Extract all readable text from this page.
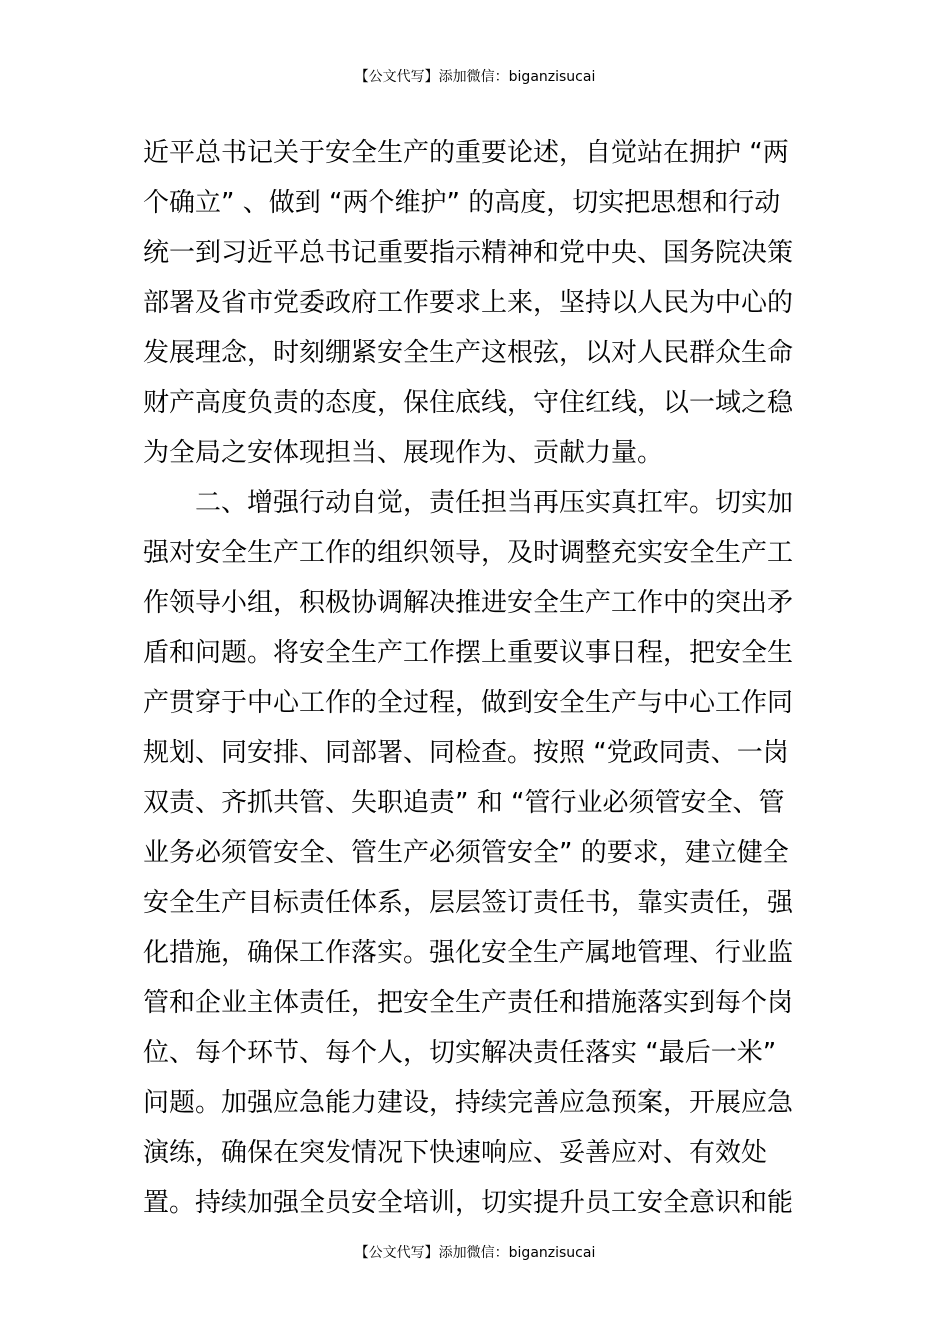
【公文代写】添加微信：biganzisucai
近平总书记关于安全生产的重要论述，自觉站在拥护 “两
个确立” 、做到 “两个维护” 的高度，切实把思想和行动
统一到习近平总书记重要指示精神和党中央、国务院决策
部署及省市党委政府工作要求上来，坚持以人民为中心的
发展理念，时刻绷紧安全生产这根弦，以对人民群众生命
财产高度负责的态度，保住底线，守住红线，以一域之稳
为全局之安体现担当、展现作为、贡献力量。
　　二、增强行动自觉，责任担当再压实真扛牢。切实加
强对安全生产工作的组织领导，及时调整充实安全生产工
作领导小组，积极协调解决推进安全生产工作中的突出矛
盾和问题。将安全生产工作摆上重要议事日程，把安全生
产贯穿于中心工作的全过程，做到安全生产与中心工作同
规划、同安排、同部署、同检查。按照 “党政同责、一岗
双责、齐抓共管、失职追责” 和 “管行业必须管安全、管
业务必须管安全、管生产必须管安全” 的要求，建立健全
安全生产目标责任体系，层层签订责任书，靠实责任，强
化措施，确保工作落实。强化安全生产属地管理、行业监
管和企业主体责任，把安全生产责任和措施落实到每个岗
位、每个环节、每个人，切实解决责任落实 “最后一米”
问题。加强应急能力建设，持续完善应急预案，开展应急
演练，确保在突发情况下快速响应、妥善应对、有效处
置。持续加强全员安全培训，切实提升员工安全意识和能
【公文代写】添加微信：biganzisucai
